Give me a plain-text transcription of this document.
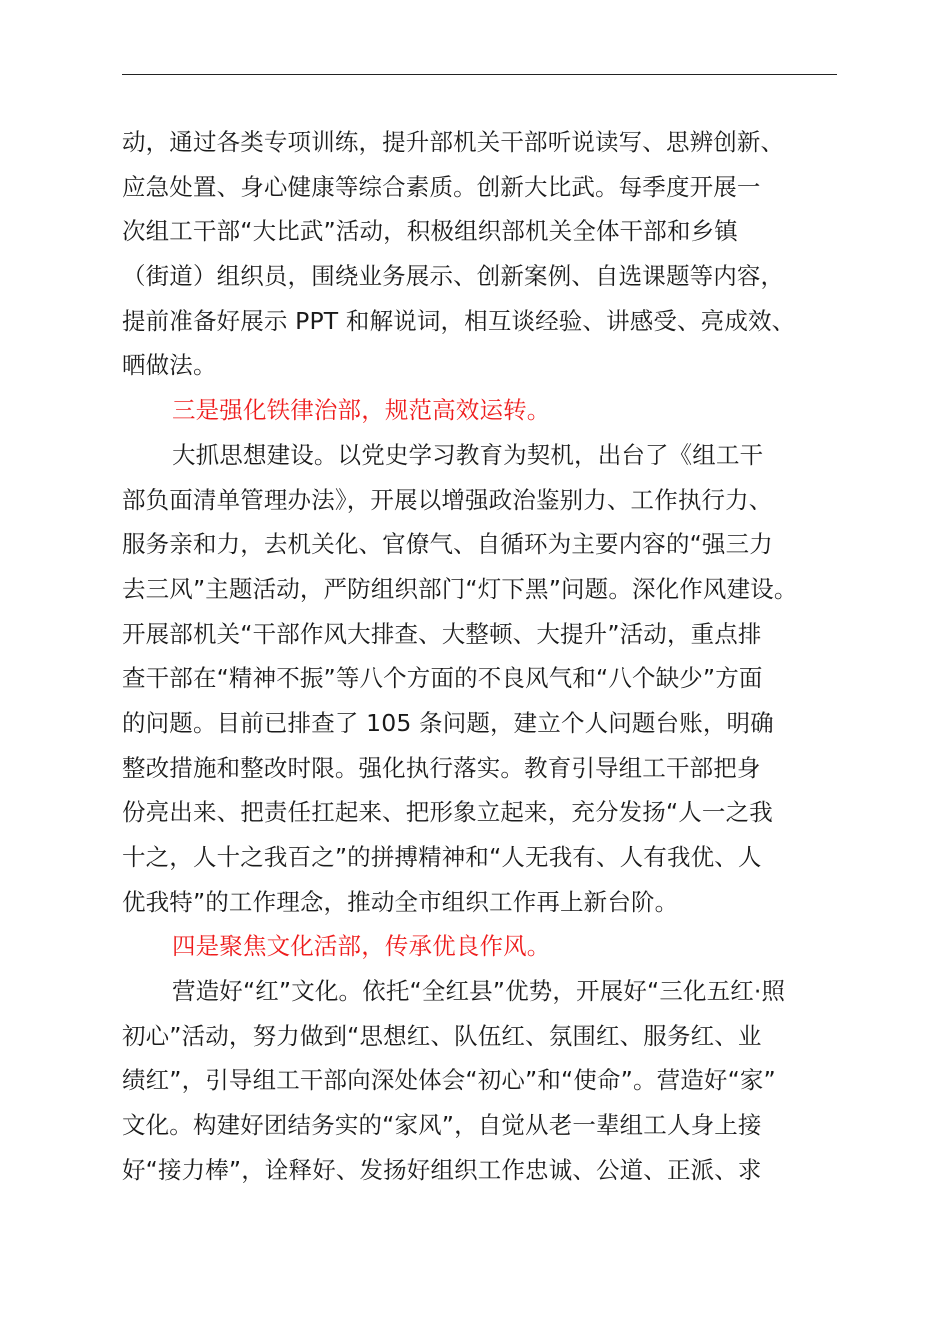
动，通过各类专项训练，提升部机关干部听说读写、思辨创新、
应急处置、身心健康等综合素质。创新大比武。每季度开展一
次组工干部“大比武”活动，积极组织部机关全体干部和乡镇
（街道）组织员，围绕业务展示、创新案例、自选课题等内容，
提前准备好展示 PPT 和解说词，相互谈经验、讲感受、亮成效、
晒做法。
三是强化铁律治部，规范高效运转。
大抓思想建设。以党史学习教育为契机，出台了《组工干
部负面清单管理办法》，开展以增强政治鉴别力、工作执行力、
服务亲和力，去机关化、官僚气、自循环为主要内容的“强三力
去三风”主题活动，严防组织部门“灯下黑”问题。深化作风建设。
开展部机关“干部作风大排查、大整顿、大提升”活动，重点排
查干部在“精神不振”等八个方面的不良风气和“八个缺少”方面
的问题。目前已排查了 105 条问题，建立个人问题台账，明确
整改措施和整改时限。强化执行落实。教育引导组工干部把身
份亮出来、把责任扛起来、把形象立起来，充分发扬“人一之我
十之，人十之我百之”的拼搏精神和“人无我有、人有我优、人
优我特”的工作理念，推动全市组织工作再上新台阶。
四是聚焦文化活部，传承优良作风。
营造好“红”文化。依托“全红县”优势，开展好“三化五红·照
初心”活动，努力做到“思想红、队伍红、氛围红、服务红、业
绩红”，引导组工干部向深处体会“初心”和“使命”。营造好“家”
文化。构建好团结务实的“家风”，自觉从老一辈组工人身上接
好“接力棒”，诠释好、发扬好组织工作忠诚、公道、正派、求
